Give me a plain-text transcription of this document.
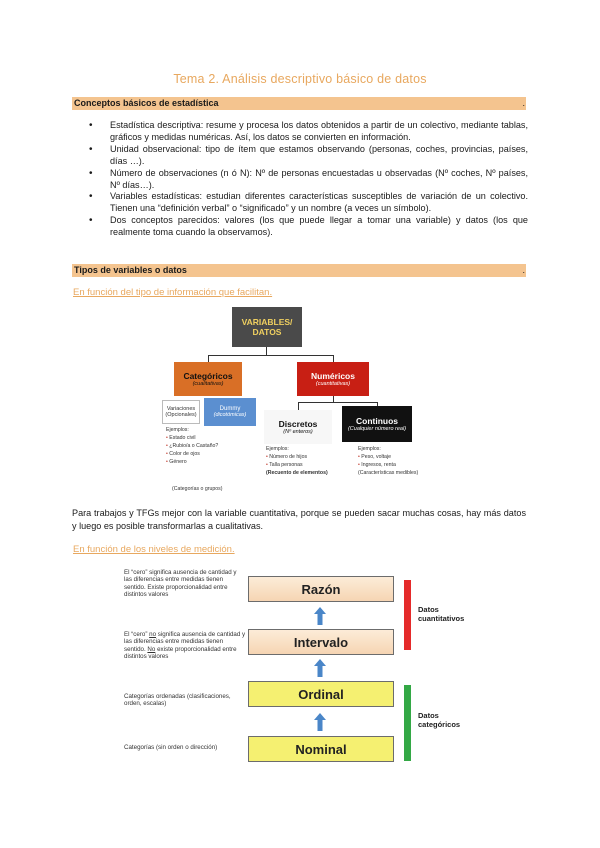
Tema 2. Análisis descriptivo básico de datos
Conceptos básicos de estadística	.
• Estadística descriptiva: resume y procesa los datos obtenidos a partir de un colectivo, mediante tablas, gráficos y medidas numéricas. Así, los datos se convierten en información.
• Unidad observacional: tipo de ítem que estamos observando (personas, coches, provincias, países, días …).
• Número de observaciones (n ó N): Nº de personas encuestadas u observadas (Nº coches, Nº países, Nº días…).
• Variables estadísticas: estudian diferentes características susceptibles de variación de un colectivo. Tienen una “definición verbal” o “significado” y un nombre (a veces un símbolo).
• Dos conceptos parecidos: valores (los que puede llegar a tomar una variable) y datos (los que realmente toma cuando la observamos).
Tipos de variables o datos	.
En función del tipo de información que facilitan.
VARIABLES/ DATOS
Categóricos
(cualitativas)
Numéricos
(cuantitativas)
Variaciones (Opcionales)
Dummy
(dicotómicas)
Discretos
(Nº enteros)
Continuos
(Cualquier número real)
Ejemplos:
• Estado civil
• ¿Rubio/a o Castaño?
• Color de ojos
• Género
(Categorías o grupos)
Ejemplos:
• Número de hijos
• Talla personas
(Recuento de elementos)
Ejemplos:
• Peso, voltaje
• Ingresos, renta
(Características medibles)
Para trabajos y TFGs mejor con la variable cuantitativa, porque se pueden sacar muchas cosas, hay más datos y luego es posible transformarlas a cualitativas.
En función de los niveles de medición.
El “cero” significa ausencia de cantidad y las diferencias entre medidas tienen sentido. Existe proporcionalidad entre distintos valores
El “cero” no significa ausencia de cantidad y las diferencias entre medidas tienen sentido. No existe proporcionalidad entre distintos valores
Categorías ordenadas (clasificaciones, orden, escalas)
Categorías (sin orden o dirección)
Razón
Intervalo
Ordinal
Nominal
Datos cuantitativos
Datos categóricos
